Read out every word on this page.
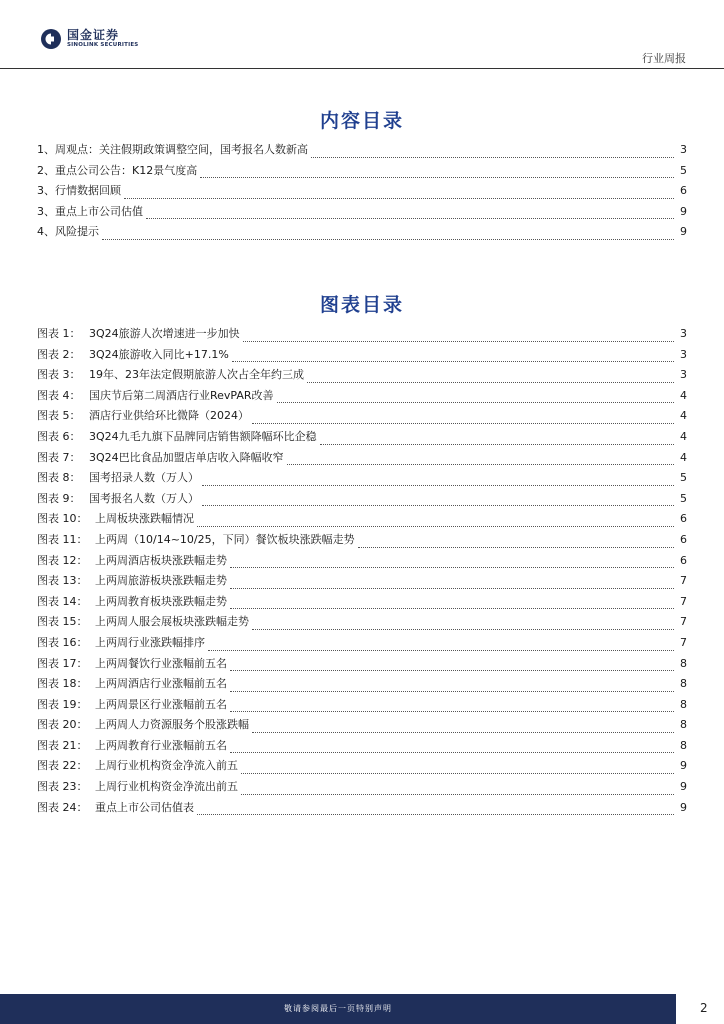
国金证券
SINOLINK SECURITIES
行业周报
内容目录
1、周观点：关注假期政策调整空间，国考报名人数新高	3
2、重点公司公告：K12景气度高	5
3、行情数据回顾	6
3、重点上市公司估值	9
4、风险提示	9
图表目录
图表 1： 3Q24旅游人次增速进一步加快	3
图表 2： 3Q24旅游收入同比+17.1%	3
图表 3： 19年、23年法定假期旅游人次占全年约三成	3
图表 4： 国庆节后第二周酒店行业RevPAR改善	4
图表 5： 酒店行业供给环比微降（2024）	4
图表 6： 3Q24九毛九旗下品牌同店销售额降幅环比企稳	4
图表 7： 3Q24巴比食品加盟店单店收入降幅收窄	4
图表 8： 国考招录人数（万人）	5
图表 9： 国考报名人数（万人）	5
图表 10： 上周板块涨跌幅情况	6
图表 11： 上两周（10/14~10/25，下同）餐饮板块涨跌幅走势	6
图表 12： 上两周酒店板块涨跌幅走势	6
图表 13： 上两周旅游板块涨跌幅走势	7
图表 14： 上两周教育板块涨跌幅走势	7
图表 15： 上两周人服会展板块涨跌幅走势	7
图表 16： 上两周行业涨跌幅排序	7
图表 17： 上两周餐饮行业涨幅前五名	8
图表 18： 上两周酒店行业涨幅前五名	8
图表 19： 上两周景区行业涨幅前五名	8
图表 20： 上两周人力资源服务个股涨跌幅	8
图表 21： 上两周教育行业涨幅前五名	8
图表 22： 上周行业机构资金净流入前五	9
图表 23： 上周行业机构资金净流出前五	9
图表 24： 重点上市公司估值表	9
敬请参阅最后一页特别声明	2
